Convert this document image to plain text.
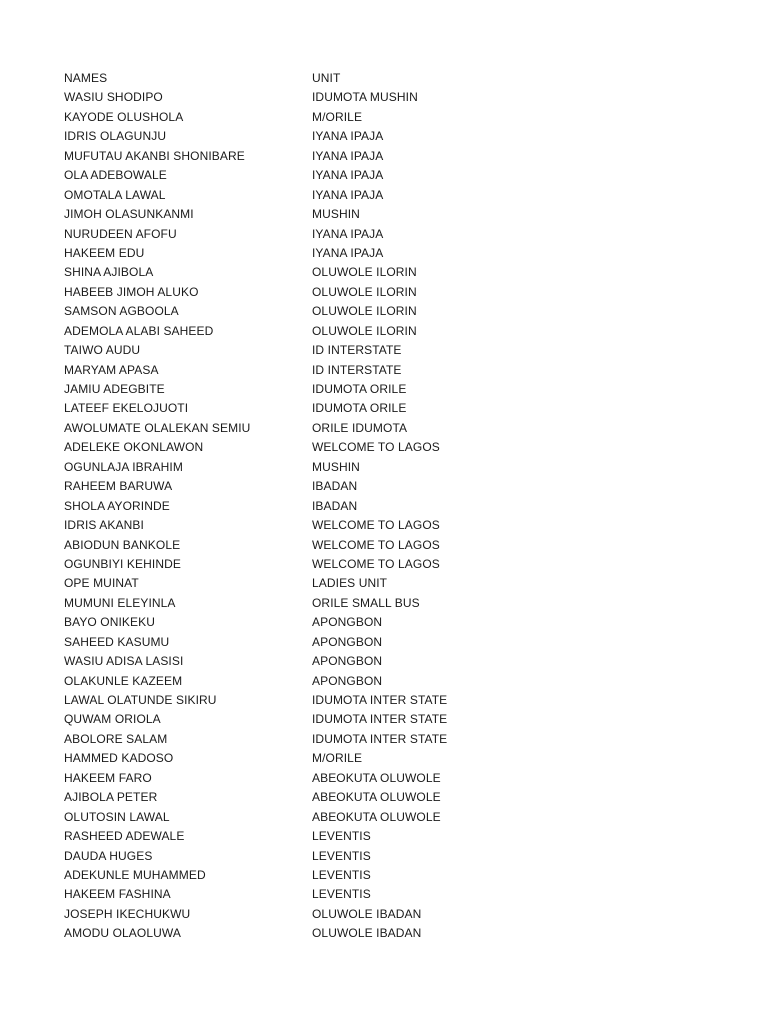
NAMES	UNIT
WASIU SHODIPO	IDUMOTA MUSHIN
KAYODE OLUSHOLA	M/ORILE
IDRIS OLAGUNJU	IYANA IPAJA
MUFUTAU AKANBI SHONIBARE	IYANA IPAJA
OLA ADEBOWALE	IYANA IPAJA
OMOTALA LAWAL	IYANA IPAJA
JIMOH OLASUNKANMI	MUSHIN
NURUDEEN AFOFU	IYANA IPAJA
HAKEEM EDU	IYANA IPAJA
SHINA AJIBOLA	OLUWOLE ILORIN
HABEEB JIMOH ALUKO	OLUWOLE ILORIN
SAMSON AGBOOLA	OLUWOLE ILORIN
ADEMOLA ALABI SAHEED	OLUWOLE ILORIN
TAIWO AUDU	ID INTERSTATE
MARYAM APASA	ID INTERSTATE
JAMIU ADEGBITE	IDUMOTA ORILE
LATEEF EKELOJUOTI	IDUMOTA ORILE
AWOLUMATE OLALEKAN SEMIU	ORILE IDUMOTA
ADELEKE OKONLAWON	WELCOME TO LAGOS
OGUNLAJA IBRAHIM	MUSHIN
RAHEEM BARUWA	IBADAN
SHOLA AYORINDE	IBADAN
IDRIS AKANBI	WELCOME TO LAGOS
ABIODUN BANKOLE	WELCOME TO LAGOS
OGUNBIYI KEHINDE	WELCOME TO LAGOS
OPE MUINAT	LADIES UNIT
MUMUNI ELEYINLA	ORILE SMALL BUS
BAYO ONIKEKU	APONGBON
SAHEED KASUMU	APONGBON
WASIU ADISA LASISI	APONGBON
OLAKUNLE KAZEEM	APONGBON
LAWAL OLATUNDE SIKIRU	IDUMOTA INTER STATE
QUWAM ORIOLA	IDUMOTA INTER STATE
ABOLORE SALAM	IDUMOTA INTER STATE
HAMMED KADOSO	M/ORILE
HAKEEM FARO	ABEOKUTA OLUWOLE
AJIBOLA PETER	ABEOKUTA OLUWOLE
OLUTOSIN LAWAL	ABEOKUTA OLUWOLE
RASHEED ADEWALE	LEVENTIS
DAUDA HUGES	LEVENTIS
ADEKUNLE MUHAMMED	LEVENTIS
HAKEEM FASHINA	LEVENTIS
JOSEPH IKECHUKWU	OLUWOLE IBADAN
AMODU OLAOLUWA	OLUWOLE IBADAN
